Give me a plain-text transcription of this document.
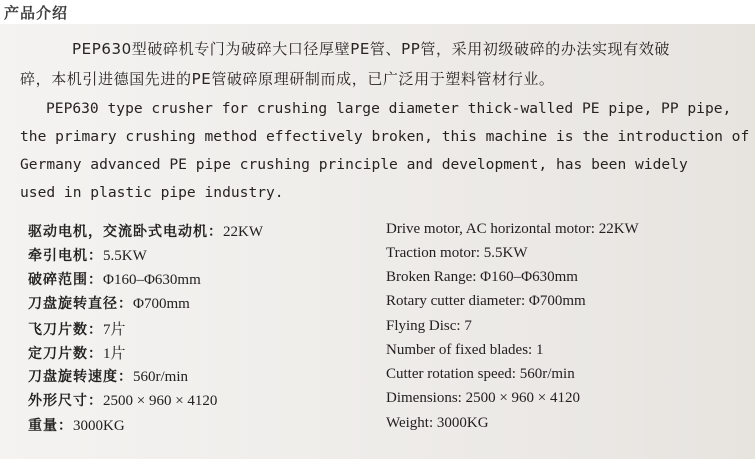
产品介绍
PEP630型破碎机专门为破碎大口径厚壁PE管、PP管，采用初级破碎的办法实现有效破
碎，本机引进德国先进的PE管破碎原理研制而成，已广泛用于塑料管材行业。
PEP630 type crusher for crushing large diameter thick-walled PE pipe, PP pipe,
the primary crushing method effectively broken, this machine is the introduction of
Germany advanced PE pipe crushing principle and development, has been widely
used in plastic pipe industry.
驱动电机，交流卧式电动机：22KW
牵引电机：5.5KW
破碎范围：Φ160–Φ630mm
刀盘旋转直径：Φ700mm
飞刀片数：7片
定刀片数：1片
刀盘旋转速度：560r/min
外形尺寸：2500 × 960 × 4120
重量：3000KG
Drive motor, AC horizontal motor: 22KW
Traction motor: 5.5KW
Broken Range: Φ160–Φ630mm
Rotary cutter diameter: Φ700mm
Flying Disc: 7
Number of fixed blades: 1
Cutter rotation speed: 560r/min
Dimensions: 2500 × 960 × 4120
Weight: 3000KG
